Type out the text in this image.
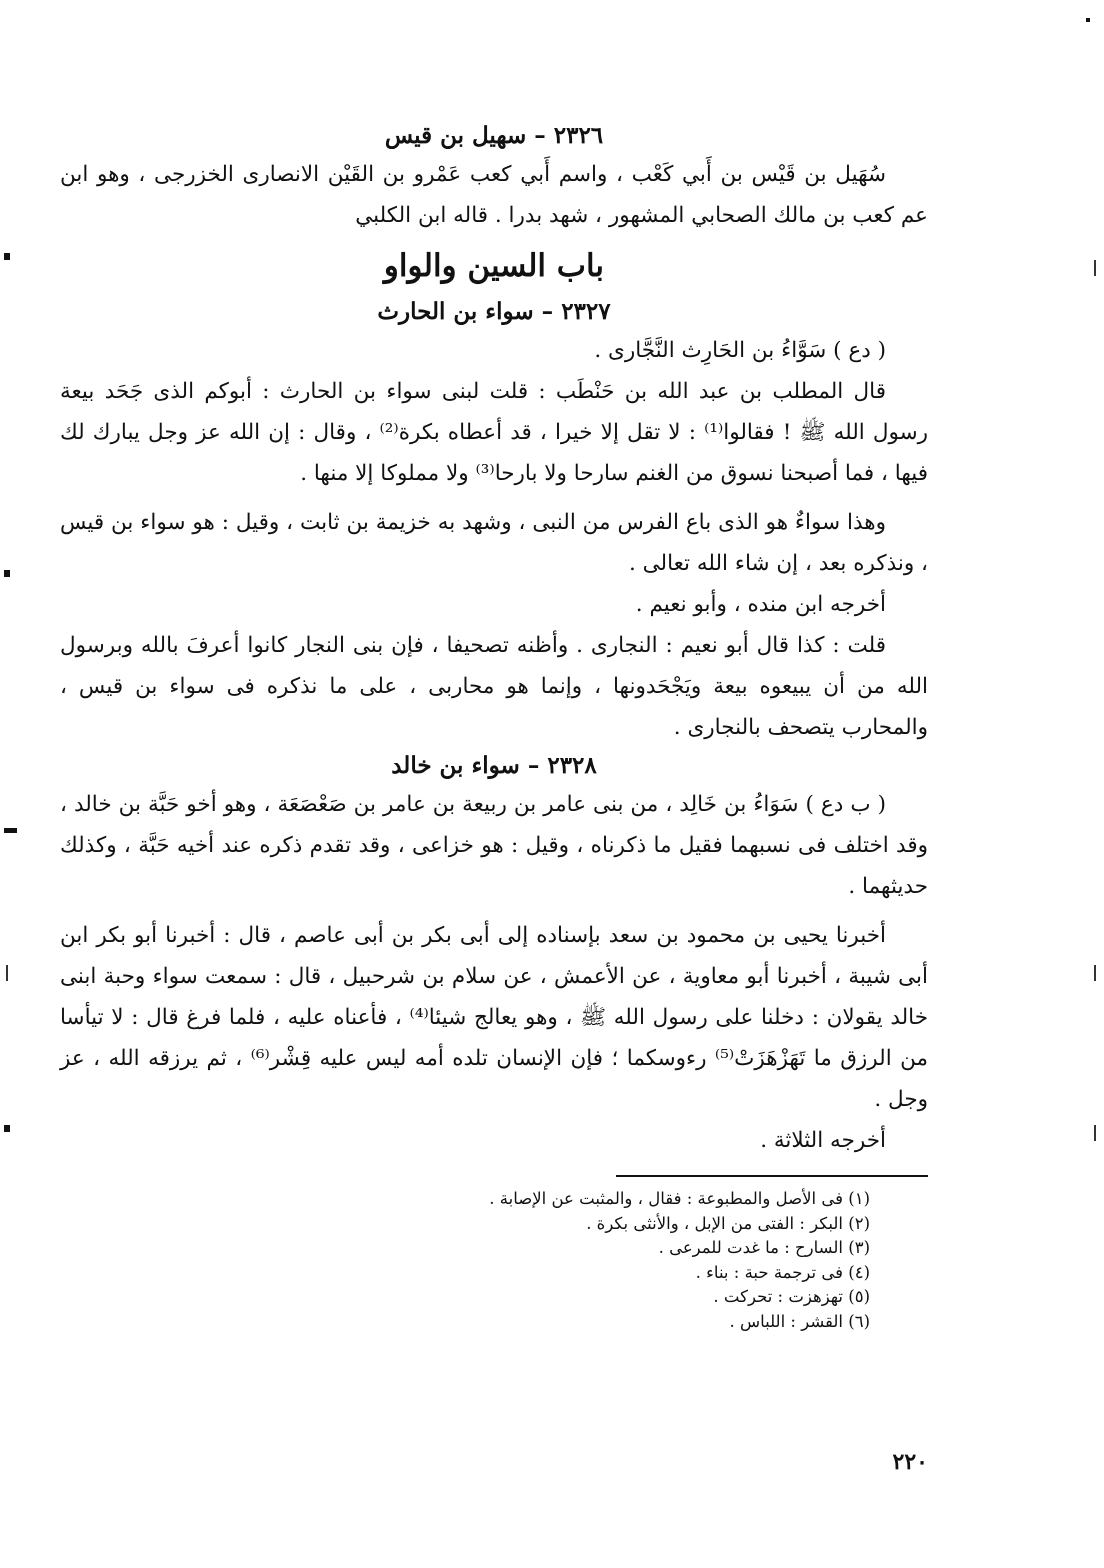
٢٣٢٦ – سهيل بن قيس

سُهَيل بن قَيْس بن أَبي كَعْب ، واسم أَبي كعب عَمْرو بن القَيْن الانصارى الخزرجى ، وهو ابن عم كعب بن مالك الصحابي المشهور ، شهد بدرا . قاله ابن الكلبي

باب السين والواو
٢٣٢٧ – سواء بن الحارث

( دع ) سَوَّاءُ بن الحَارِث النَّجَّارى .

قال المطلب بن عبد الله بن حَنْطَب : قلت لبنى سواء بن الحارث : أبوكم الذى جَحَد بيعة رسول الله ﷺ ! فقالوا⁽¹⁾ : لا تقل إلا خيرا ، قد أعطاه بكرة⁽²⁾ ، وقال : إن الله عز وجل يبارك لك فيها ، فما أصبحنا نسوق من الغنم سارحا ولا بارحا⁽³⁾ ولا مملوكا إلا منها .

وهذا سواءٌ هو الذى باع الفرس من النبى ، وشهد به خزيمة بن ثابت ، وقيل : هو سواء بن قيس ، ونذكره بعد ، إن شاء الله تعالى .

أخرجه ابن منده ، وأبو نعيم .

قلت : كذا قال أبو نعيم : النجارى . وأظنه تصحيفا ، فإن بنى النجار كانوا أعرفَ بالله وبرسول الله من أن يبيعوه بيعة ويَجْحَدونها ، وإنما هو محاربى ، على ما نذكره فى سواء بن قيس ، والمحارب يتصحف بالنجارى .

٢٣٢٨ – سواء بن خالد

( ب دع ) سَوَاءُ بن خَالِد ، من بنى عامر بن ربيعة بن عامر بن صَعْصَعَة ، وهو أخو حَبَّة بن خالد ، وقد اختلف فى نسبهما فقيل ما ذكرناه ، وقيل : هو خزاعى ، وقد تقدم ذكره عند أخيه حَبَّة ، وكذلك حديثهما .

أخبرنا يحيى بن محمود بن سعد بإسناده إلى أبى بكر بن أبى عاصم ، قال : أخبرنا أبو بكر ابن أبى شيبة ، أخبرنا أبو معاوية ، عن الأعمش ، عن سلام بن شرحبيل ، قال : سمعت سواء وحبة ابنى خالد يقولان : دخلنا على رسول الله ﷺ ، وهو يعالج شيئا⁽⁴⁾ ، فأعناه عليه ، فلما فرغ قال : لا تيأسا من الرزق ما تَهَزْهَزَتْ⁽⁵⁾ رءوسكما ؛ فإن الإنسان تلده أمه ليس عليه قِشْر⁽⁶⁾ ، ثم يرزقه الله ، عز وجل .

أخرجه الثلاثة .

(١) فى الأصل والمطبوعة : فقال ، والمثبت عن الإصابة .

(٢) البكر : الفتى من الإبل ، والأنثى بكرة .

(٣) السارح : ما غدت للمرعى .

(٤) فى ترجمة حبة : بناء .

(٥) تهزهزت : تحركت .

(٦) القشر : اللباس .

٢٢٠
